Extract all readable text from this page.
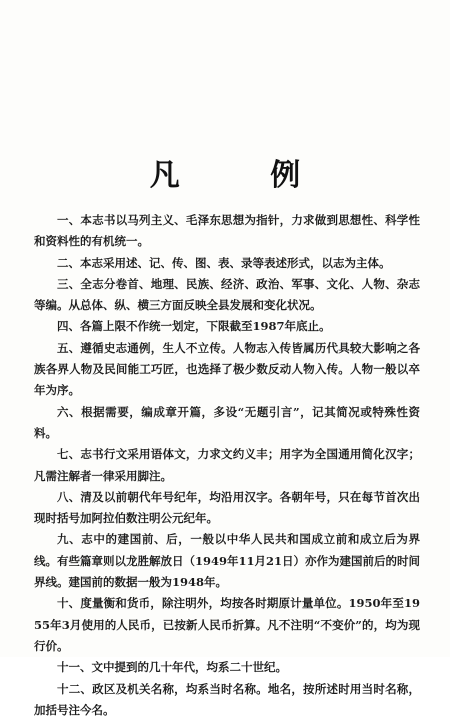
凡 例

一、本志书以马列主义、毛泽东思想为指针，力求做到思想性、科学性和资料性的有机统一。

二、本志采用述、记、传、图、表、录等表述形式，以志为主体。

三、全志分卷首、地理、民族、经济、政治、军事、文化、人物、杂志等编。从总体、纵、横三方面反映全县发展和变化状况。

四、各篇上限不作统一划定，下限截至1987年底止。

五、遵循史志通例，生人不立传。人物志入传皆属历代具较大影响之各族各界人物及民间能工巧匠，也选择了极少数反动人物入传。人物一般以卒年为序。

六、根据需要，编成章开篇，多设“无题引言”，记其简况或特殊性资料。

七、志书行文采用语体文，力求文约义丰；用字为全国通用简化汉字；凡需注解者一律采用脚注。

八、清及以前朝代年号纪年，均沿用汉字。各朝年号，只在每节首次出现时括号加阿拉伯数注明公元纪年。

九、志中的建国前、后，一般以中华人民共和国成立前和成立后为界线。有些篇章则以龙胜解放日（1949年11月21日）亦作为建国前后的时间界线。建国前的数据一般为1948年。

十、度量衡和货币，除注明外，均按各时期原计量单位。1950年至1955年3月使用的人民币，已按新人民币折算。凡不注明“不变价”的，均为现行价。

十一、文中提到的几十年代，均系二十世纪。

十二、政区及机关名称，均系当时名称。地名，按所述时用当时名称，加括号注今名。
